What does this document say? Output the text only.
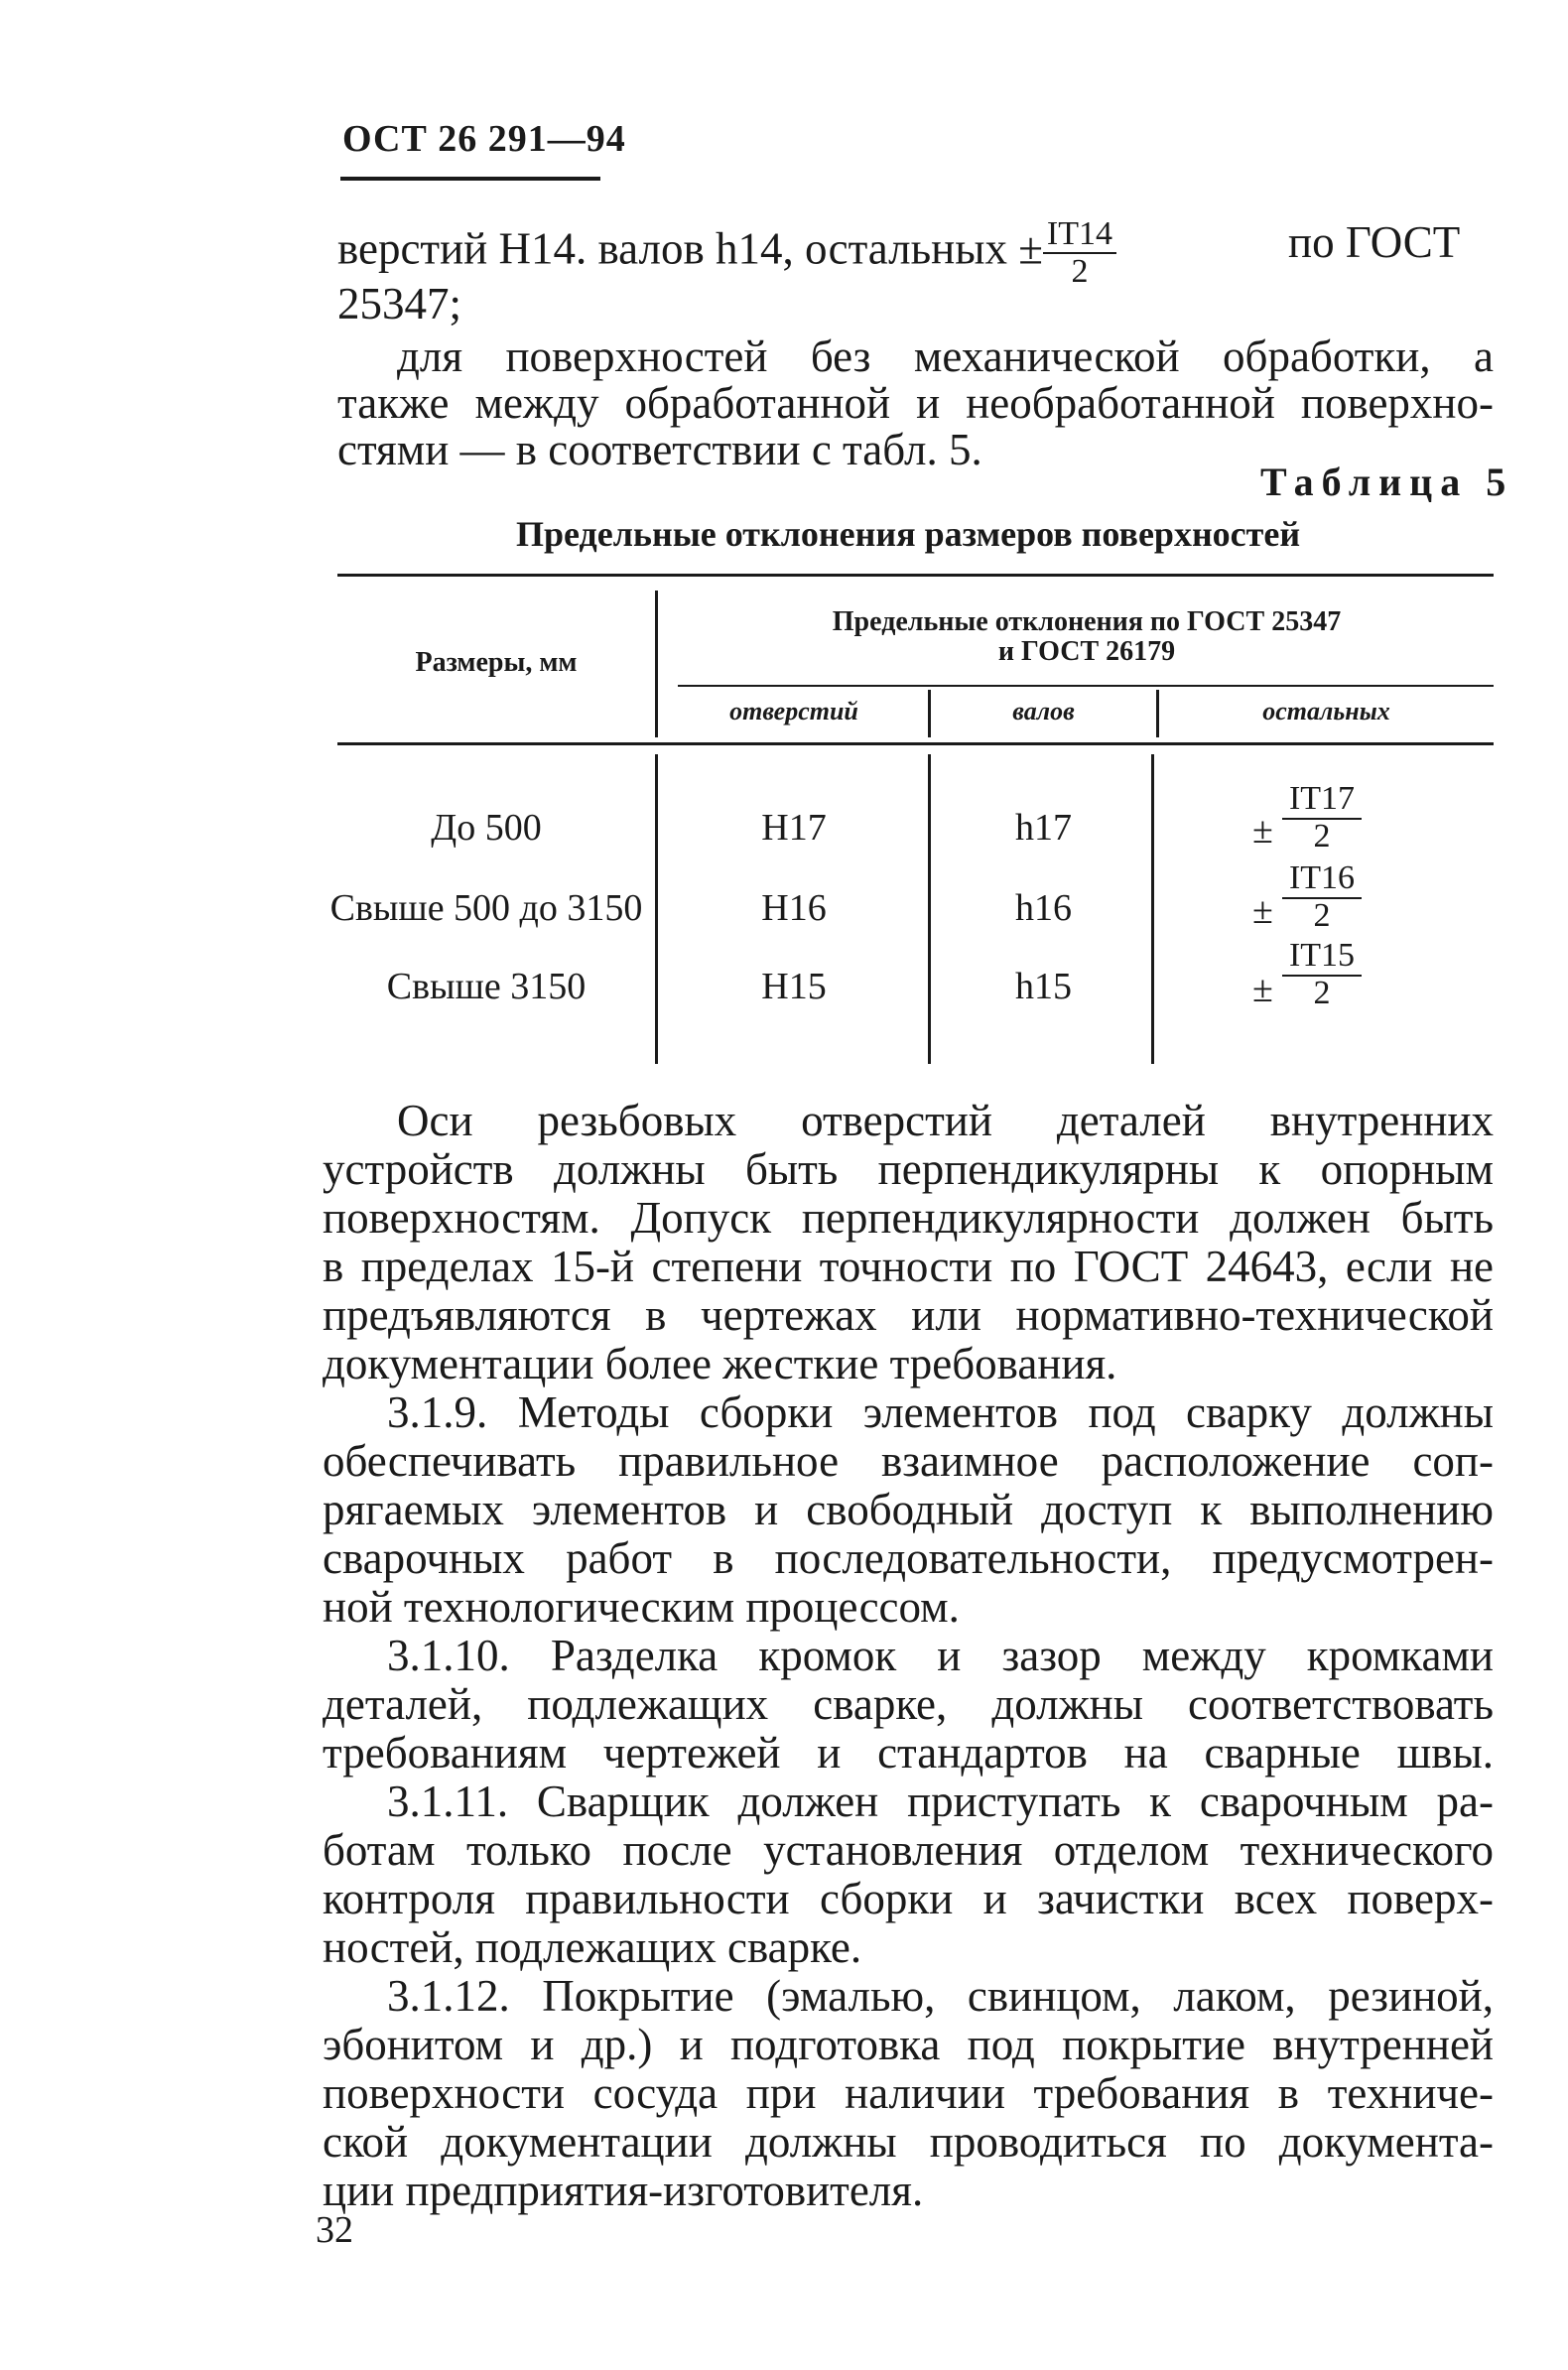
ОСТ 26 291—94
верстий H14. валов h14, остальных ± $\frac{IT14}{2}$	по ГОСТ
25347;
для поверхностей без механической обработки, а
также между обработанной и необработанной поверхно-
стями — в соответствии с табл. 5.
Таблица 5
Предельные отклонения размеров поверхностей
Размеры, мм
Предельные отклонения по ГОСТ 25347
и ГОСТ 26179
отверстий	валов	остальных
До 500	H17	h17	± $\frac{IT17}{2}$
Свыше 500 до 3150	H16	h16	± $\frac{IT16}{2}$
Свыше 3150	H15	h15	± $\frac{IT15}{2}$
Оси резьбовых отверстий деталей внутренних
устройств должны быть перпендикулярны к опорным
поверхностям. Допуск перпендикулярности должен быть
в пределах 15-й степени точности по ГОСТ 24643, если не
предъявляются в чертежах или нормативно-технической
документации более жесткие требования.
3.1.9. Методы сборки элементов под сварку должны
обеспечивать правильное взаимное расположение соп-
рягаемых элементов и свободный доступ к выполнению
сварочных работ в последовательности, предусмотрен-
ной технологическим процессом.
3.1.10. Разделка кромок и зазор между кромками
деталей, подлежащих сварке, должны соответствовать
требованиям чертежей и стандартов на сварные швы.
3.1.11. Сварщик должен приступать к сварочным ра-
ботам только после установления отделом технического
контроля правильности сборки и зачистки всех поверх-
ностей, подлежащих сварке.
3.1.12. Покрытие (эмалью, свинцом, лаком, резиной,
эбонитом и др.) и подготовка под покрытие внутренней
поверхности сосуда при наличии требования в техниче-
ской документации должны проводиться по документа-
ции предприятия-изготовителя.
32
